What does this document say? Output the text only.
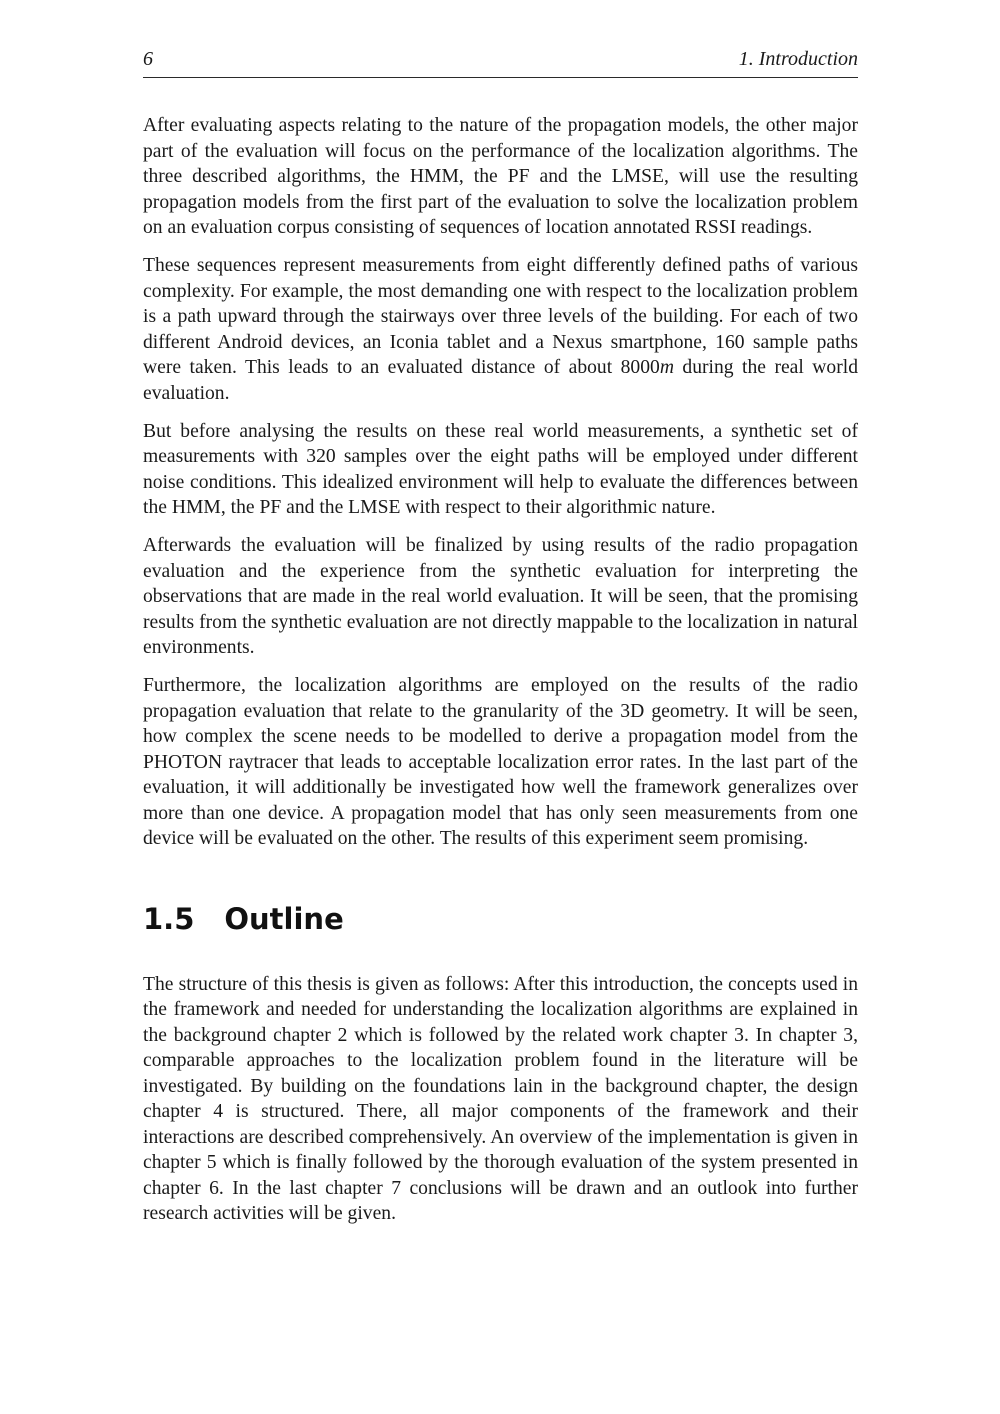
6	1. Introduction

After evaluating aspects relating to the nature of the propagation models, the other major part of the evaluation will focus on the performance of the localization algorithms. The three described algorithms, the HMM, the PF and the LMSE, will use the resulting propagation models from the first part of the evaluation to solve the localization problem on an evaluation corpus consisting of sequences of location annotated RSSI readings.

These sequences represent measurements from eight differently defined paths of various complexity. For example, the most demanding one with respect to the localization problem is a path upward through the stairways over three levels of the building. For each of two different Android devices, an Iconia tablet and a Nexus smartphone, 160 sample paths were taken. This leads to an evaluated distance of about 8000m during the real world evaluation.

But before analysing the results on these real world measurements, a synthetic set of measurements with 320 samples over the eight paths will be employed under different noise conditions. This idealized environment will help to evaluate the differences between the HMM, the PF and the LMSE with respect to their algorithmic nature.

Afterwards the evaluation will be finalized by using results of the radio propagation evaluation and the experience from the synthetic evaluation for interpreting the observations that are made in the real world evaluation. It will be seen, that the promising results from the synthetic evaluation are not directly mappable to the localization in natural environments.

Furthermore, the localization algorithms are employed on the results of the radio propagation evaluation that relate to the granularity of the 3D geometry. It will be seen, how complex the scene needs to be modelled to derive a propagation model from the PHOTON raytracer that leads to acceptable localization error rates. In the last part of the evaluation, it will additionally be investigated how well the framework generalizes over more than one device. A propagation model that has only seen measurements from one device will be evaluated on the other. The results of this experiment seem promising.

1.5 Outline

The structure of this thesis is given as follows: After this introduction, the concepts used in the framework and needed for understanding the localization algorithms are explained in the background chapter 2 which is followed by the related work chapter 3. In chapter 3, comparable approaches to the localization problem found in the literature will be investigated. By building on the foundations lain in the background chapter, the design chapter 4 is structured. There, all major components of the framework and their interactions are described comprehensively. An overview of the implementation is given in chapter 5 which is finally followed by the thorough evaluation of the system presented in chapter 6. In the last chapter 7 conclusions will be drawn and an outlook into further research activities will be given.
